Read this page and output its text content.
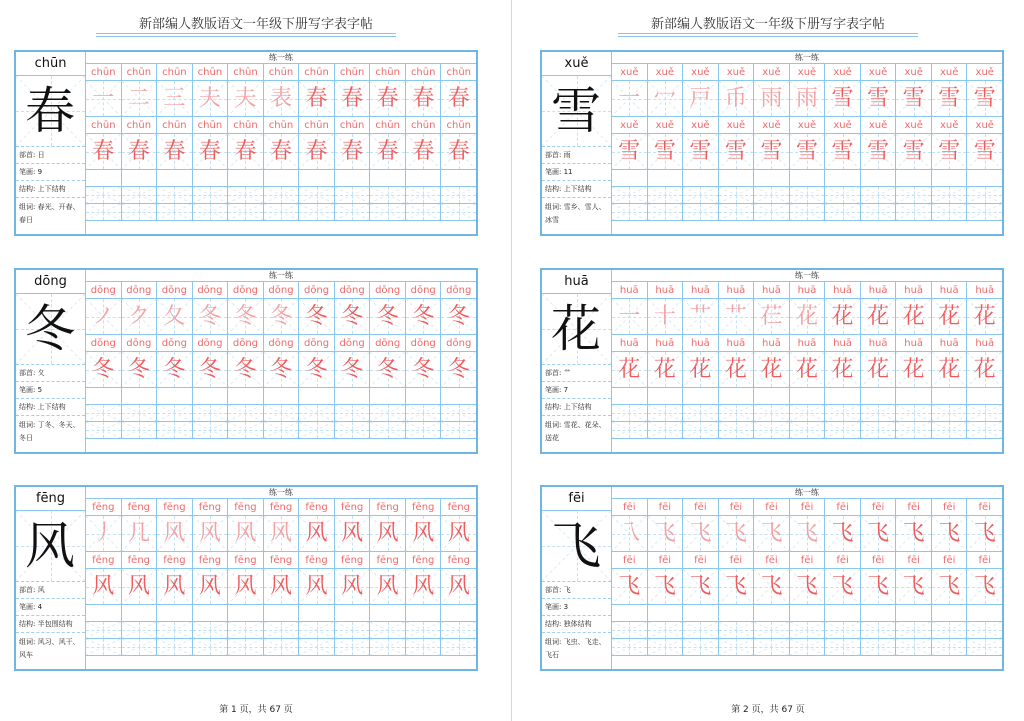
新部编人教版语文一年级下册写字表字帖
chūn
春
部首: 日
笔画: 9
结构: 上下结构
组词: 春光、开春、春日
练一练
chūn	chūn	chūn	chūn	chūn	chūn	chūn	chūn	chūn	chūn	chūn
一 二 三 夫 夫 表 春 春 春 春 春
chūn	chūn	chūn	chūn	chūn	chūn	chūn	chūn	chūn	chūn	chūn
春 春 春 春 春 春 春 春 春 春 春
dōng
冬
部首: 夂
笔画: 5
结构: 上下结构
组词: 丁冬、冬天、冬日
练一练
dōng	dōng	dōng	dōng	dōng	dōng	dōng	dōng	dōng	dōng	dōng
ノ ク 夂 冬 冬 冬 冬 冬 冬 冬 冬
dōng	dōng	dōng	dōng	dōng	dōng	dōng	dōng	dōng	dōng	dōng
冬 冬 冬 冬 冬 冬 冬 冬 冬 冬 冬
fēng
风
部首: 风
笔画: 4
结构: 半包围结构
组词: 风习、风干、风车
练一练
fēng	fēng	fēng	fēng	fēng	fēng	fēng	fēng	fēng	fēng	fēng
丿 几 风 风 风 风 风 风 风 风 风
fēng	fēng	fēng	fēng	fēng	fēng	fēng	fēng	fēng	fēng	fēng
风 风 风 风 风 风 风 风 风 风 风
第 1 页，共 67 页
新部编人教版语文一年级下册写字表字帖
xuě
雪
部首: 雨
笔画: 11
结构: 上下结构
组词: 雪乡、雪人、冰雪
练一练
xuě	xuě	xuě	xuě	xuě	xuě	xuě	xuě	xuě	xuě	xuě
一 冖 戸 币 雨 雨 雪 雪 雪 雪 雪
xuě	xuě	xuě	xuě	xuě	xuě	xuě	xuě	xuě	xuě	xuě
雪 雪 雪 雪 雪 雪 雪 雪 雪 雪 雪
huā
花
部首: 艹
笔画: 7
结构: 上下结构
组词: 雪花、花朵、送花
练一练
huā	huā	huā	huā	huā	huā	huā	huā	huā	huā	huā
一 十 艹 艹 芢 花 花 花 花 花 花
huā	huā	huā	huā	huā	huā	huā	huā	huā	huā	huā
花 花 花 花 花 花 花 花 花 花 花
fēi
飞
部首: 飞
笔画: 3
结构: 独体结构
组词: 飞虫、飞走、飞石
练一练
fēi	fēi	fēi	fēi	fēi	fēi	fēi	fēi	fēi	fēi	fēi
乁 飞 飞 飞 飞 飞 飞 飞 飞 飞 飞
fēi	fēi	fēi	fēi	fēi	fēi	fēi	fēi	fēi	fēi	fēi
飞 飞 飞 飞 飞 飞 飞 飞 飞 飞 飞
第 2 页，共 67 页
